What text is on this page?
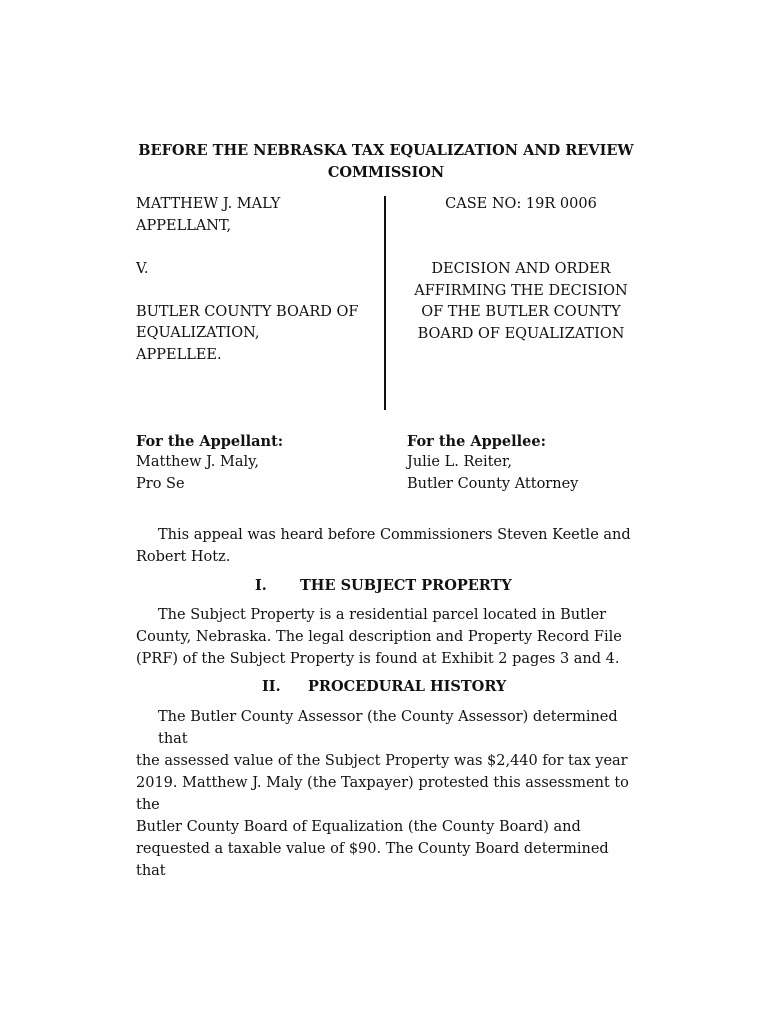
BEFORE THE NEBRASKA TAX EQUALIZATION AND REVIEW
COMMISSION
MATTHEW J. MALY
APPELLANT,
V.
BUTLER COUNTY BOARD OF
EQUALIZATION,
APPELLEE.
CASE NO: 19R 0006
DECISION AND ORDER
AFFIRMING THE DECISION
OF THE BUTLER COUNTY
BOARD OF EQUALIZATION
For the Appellant:
Matthew J. Maly,
Pro Se
For the Appellee:
Julie L. Reiter,
Butler County Attorney
This appeal was heard before Commissioners Steven Keetle and
Robert Hotz.
I. THE SUBJECT PROPERTY
The Subject Property is a residential parcel located in Butler
County, Nebraska. The legal description and Property Record File
(PRF) of the Subject Property is found at Exhibit 2 pages 3 and 4.
II. PROCEDURAL HISTORY
The Butler County Assessor (the County Assessor) determined that
the assessed value of the Subject Property was $2,440 for tax year
2019. Matthew J. Maly (the Taxpayer) protested this assessment to the
Butler County Board of Equalization (the County Board) and
requested a taxable value of $90. The County Board determined that
